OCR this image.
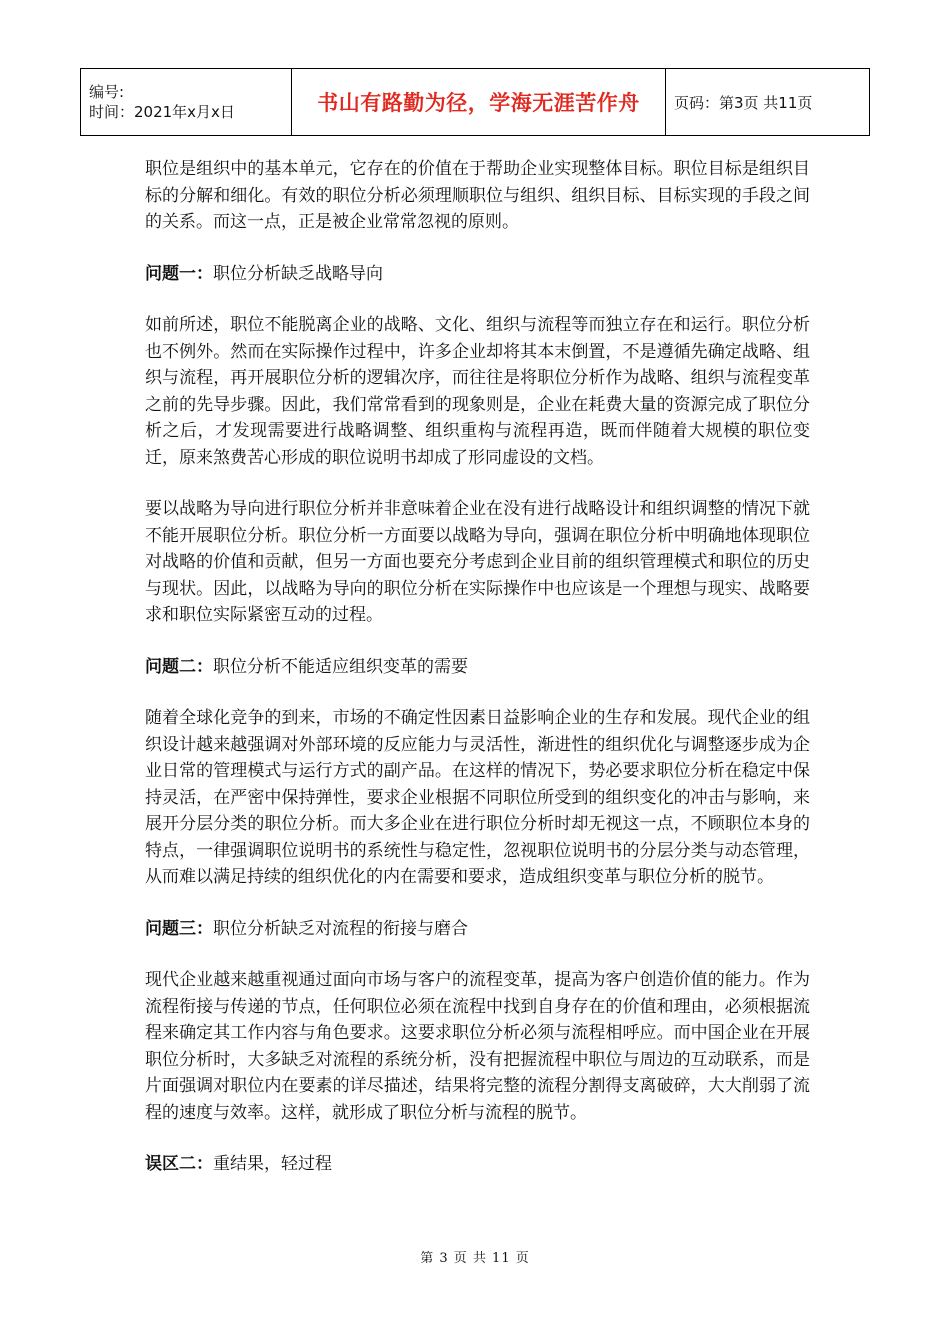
编号:
时间：2021年x月x日	书山有路勤为径，学海无涯苦作舟	页码：第3页 共11页

职位是组织中的基本单元，它存在的价值在于帮助企业实现整体目标。职位目标是组织目标的分解和细化。有效的职位分析必须理顺职位与组织、组织目标、目标实现的手段之间的关系。而这一点，正是被企业常常忽视的原则。

问题一：职位分析缺乏战略导向

如前所述，职位不能脱离企业的战略、文化、组织与流程等而独立存在和运行。职位分析也不例外。然而在实际操作过程中，许多企业却将其本末倒置，不是遵循先确定战略、组织与流程，再开展职位分析的逻辑次序，而往往是将职位分析作为战略、组织与流程变革之前的先导步骤。因此，我们常常看到的现象则是，企业在耗费大量的资源完成了职位分析之后，才发现需要进行战略调整、组织重构与流程再造，既而伴随着大规模的职位变迁，原来煞费苦心形成的职位说明书却成了形同虚设的文档。

要以战略为导向进行职位分析并非意味着企业在没有进行战略设计和组织调整的情况下就不能开展职位分析。职位分析一方面要以战略为导向，强调在职位分析中明确地体现职位对战略的价值和贡献，但另一方面也要充分考虑到企业目前的组织管理模式和职位的历史与现状。因此，以战略为导向的职位分析在实际操作中也应该是一个理想与现实、战略要求和职位实际紧密互动的过程。

问题二：职位分析不能适应组织变革的需要

随着全球化竞争的到来，市场的不确定性因素日益影响企业的生存和发展。现代企业的组织设计越来越强调对外部环境的反应能力与灵活性，渐进性的组织优化与调整逐步成为企业日常的管理模式与运行方式的副产品。在这样的情况下，势必要求职位分析在稳定中保持灵活，在严密中保持弹性，要求企业根据不同职位所受到的组织变化的冲击与影响，来展开分层分类的职位分析。而大多企业在进行职位分析时却无视这一点，不顾职位本身的特点，一律强调职位说明书的系统性与稳定性，忽视职位说明书的分层分类与动态管理，从而难以满足持续的组织优化的内在需要和要求，造成组织变革与职位分析的脱节。

问题三：职位分析缺乏对流程的衔接与磨合

现代企业越来越重视通过面向市场与客户的流程变革，提高为客户创造价值的能力。作为流程衔接与传递的节点，任何职位必须在流程中找到自身存在的价值和理由，必须根据流程来确定其工作内容与角色要求。这要求职位分析必须与流程相呼应。而中国企业在开展职位分析时，大多缺乏对流程的系统分析，没有把握流程中职位与周边的互动联系，而是片面强调对职位内在要素的详尽描述，结果将完整的流程分割得支离破碎，大大削弱了流程的速度与效率。这样，就形成了职位分析与流程的脱节。

误区二：重结果，轻过程

第 3 页 共 11 页
